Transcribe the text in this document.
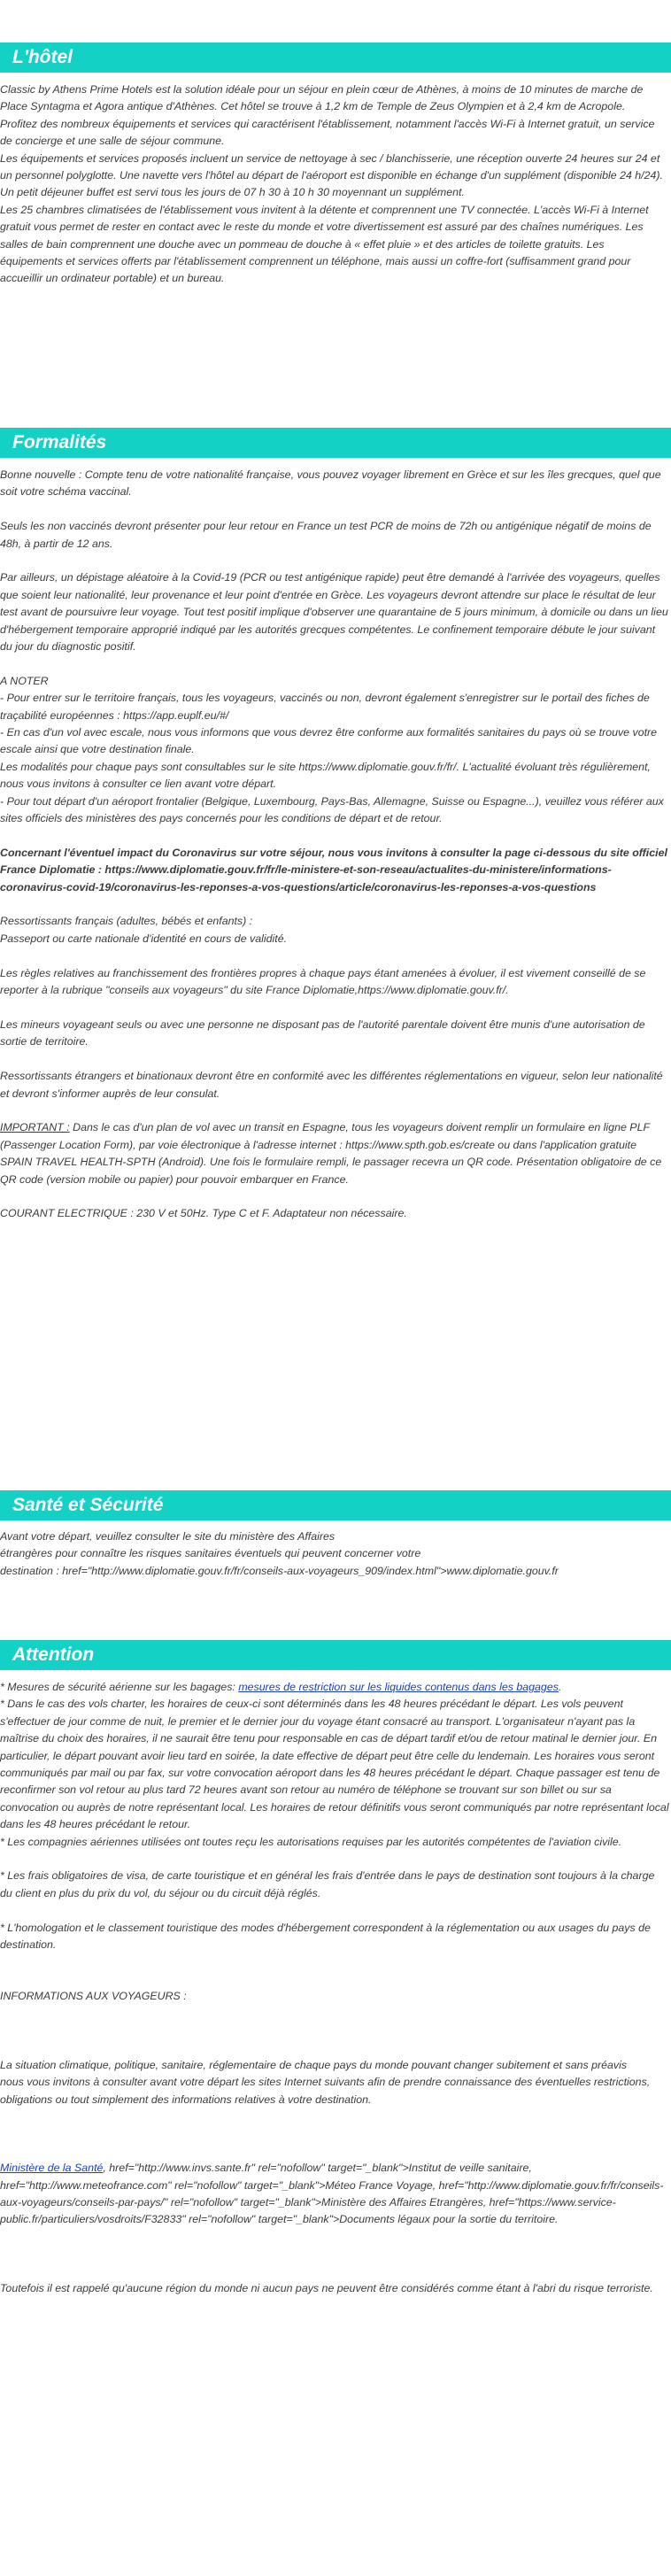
L'hôtel
Classic by Athens Prime Hotels est la solution idéale pour un séjour en plein cœur de Athènes, à moins de 10 minutes de marche de Place Syntagma et Agora antique d'Athènes. Cet hôtel se trouve à 1,2 km de Temple de Zeus Olympien et à 2,4 km de Acropole.
Profitez des nombreux équipements et services qui caractérisent l'établissement, notamment l'accès Wi-Fi à Internet gratuit, un service de concierge et une salle de séjour commune.
Les équipements et services proposés incluent un service de nettoyage à sec / blanchisserie, une réception ouverte 24 heures sur 24 et un personnel polyglotte. Une navette vers l'hôtel au départ de l'aéroport est disponible en échange d'un supplément (disponible 24 h/24).
Un petit déjeuner buffet est servi tous les jours de 07 h 30 à 10 h 30 moyennant un supplément.
Les 25 chambres climatisées de l'établissement vous invitent à la détente et comprennent une TV connectée. L'accès Wi-Fi à Internet gratuit vous permet de rester en contact avec le reste du monde et votre divertissement est assuré par des chaînes numériques. Les salles de bain comprennent une douche avec un pommeau de douche à « effet pluie » et des articles de toilette gratuits. Les équipements et services offerts par l'établissement comprennent un téléphone, mais aussi un coffre-fort (suffisamment grand pour accueillir un ordinateur portable) et un bureau.
Formalités
Bonne nouvelle : Compte tenu de votre nationalité française, vous pouvez voyager librement en Grèce et sur les îles grecques, quel que soit votre schéma vaccinal.
Seuls les non vaccinés devront présenter pour leur retour en France un test PCR de moins de 72h ou antigénique négatif de moins de 48h, à partir de 12 ans.
Par ailleurs, un dépistage aléatoire à la Covid-19 (PCR ou test antigénique rapide) peut être demandé à l'arrivée des voyageurs, quelles que soient leur nationalité, leur provenance et leur point d'entrée en Grèce. Les voyageurs devront attendre sur place le résultat de leur test avant de poursuivre leur voyage. Tout test positif implique d'observer une quarantaine de 5 jours minimum, à domicile ou dans un lieu d'hébergement temporaire approprié indiqué par les autorités grecques compétentes. Le confinement temporaire débute le jour suivant du jour du diagnostic positif.
A NOTER
- Pour entrer sur le territoire français, tous les voyageurs, vaccinés ou non, devront également s'enregistrer sur le portail des fiches de traçabilité européennes : https://app.euplf.eu/#/
- En cas d'un vol avec escale, nous vous informons que vous devrez être conforme aux formalités sanitaires du pays où se trouve votre escale ainsi que votre destination finale.
Les modalités pour chaque pays sont consultables sur le site https://www.diplomatie.gouv.fr/fr/. L'actualité évoluant très régulièrement, nous vous invitons à consulter ce lien avant votre départ.
- Pour tout départ d'un aéroport frontalier (Belgique, Luxembourg, Pays-Bas, Allemagne, Suisse ou Espagne...), veuillez vous référer aux sites officiels des ministères des pays concernés pour les conditions de départ et de retour.
Concernant l'éventuel impact du Coronavirus sur votre séjour, nous vous invitons à consulter la page ci-dessous du site officiel France Diplomatie : https://www.diplomatie.gouv.fr/fr/le-ministere-et-son-reseau/actualites-du-ministere/informations-coronavirus-covid-19/coronavirus-les-reponses-a-vos-questions/article/coronavirus-les-reponses-a-vos-questions
Ressortissants français (adultes, bébés et enfants) :
Passeport ou carte nationale d'identité en cours de validité.
Les règles relatives au franchissement des frontières propres à chaque pays étant amenées à évoluer, il est vivement conseillé de se reporter à la rubrique "conseils aux voyageurs" du site France Diplomatie,https://www.diplomatie.gouv.fr/.
Les mineurs voyageant seuls ou avec une personne ne disposant pas de l'autorité parentale doivent être munis d'une autorisation de sortie de territoire.
Ressortissants étrangers et binationaux devront être en conformité avec les différentes réglementations en vigueur, selon leur nationalité et devront s'informer auprès de leur consulat.
IMPORTANT : Dans le cas d'un plan de vol avec un transit en Espagne, tous les voyageurs doivent remplir un formulaire en ligne PLF (Passenger Location Form), par voie électronique à l'adresse internet : https://www.spth.gob.es/create ou dans l'application gratuite SPAIN TRAVEL HEALTH-SPTH (Android). Une fois le formulaire rempli, le passager recevra un QR code. Présentation obligatoire de ce QR code (version mobile ou papier) pour pouvoir embarquer en France.
COURANT ELECTRIQUE : 230 V et 50Hz. Type C et F. Adaptateur non nécessaire.
Santé et Sécurité
Avant votre départ, veuillez consulter le site du ministère des Affaires
étrangères pour connaître les risques sanitaires éventuels qui peuvent concerner votre
destination : href="http://www.diplomatie.gouv.fr/fr/conseils-aux-voyageurs_909/index.html">www.diplomatie.gouv.fr
Attention
* Mesures de sécurité aérienne sur les bagages: mesures de restriction sur les liquides contenus dans les bagages.
* Dans le cas des vols charter, les horaires de ceux-ci sont déterminés dans les 48 heures précédant le départ. Les vols peuvent s'effectuer de jour comme de nuit, le premier et le dernier jour du voyage étant consacré au transport. L'organisateur n'ayant pas la maîtrise du choix des horaires, il ne saurait être tenu pour responsable en cas de départ tardif et/ou de retour matinal le dernier jour. En particulier, le départ pouvant avoir lieu tard en soirée, la date effective de départ peut être celle du lendemain. Les horaires vous seront communiqués par mail ou par fax, sur votre convocation aéroport dans les 48 heures précédant le départ. Chaque passager est tenu de reconfirmer son vol retour au plus tard 72 heures avant son retour au numéro de téléphone se trouvant sur son billet ou sur sa convocation ou auprès de notre représentant local. Les horaires de retour définitifs vous seront communiqués par notre représentant local dans les 48 heures précédant le retour.
* Les compagnies aériennes utilisées ont toutes reçu les autorisations requises par les autorités compétentes de l'aviation civile.
* Les frais obligatoires de visa, de carte touristique et en général les frais d'entrée dans le pays de destination sont toujours à la charge du client en plus du prix du vol, du séjour ou du circuit déjà réglés.
* L'homologation et le classement touristique des modes d'hébergement correspondent à la réglementation ou aux usages du pays de destination.
INFORMATIONS AUX VOYAGEURS :
La situation climatique, politique, sanitaire, réglementaire de chaque pays du monde pouvant changer subitement et sans préavis
nous vous invitons à consulter avant votre départ les sites Internet suivants afin de prendre connaissance des éventuelles restrictions, obligations ou tout simplement des informations relatives à votre destination.
Ministère de la Santé, href="http://www.invs.sante.fr" rel="nofollow" target="_blank">Institut de veille sanitaire, href="http://www.meteofrance.com" rel="nofollow" target="_blank">Méteo France Voyage, href="http://www.diplomatie.gouv.fr/fr/conseils-aux-voyageurs/conseils-par-pays/" rel="nofollow" target="_blank">Ministère des Affaires Etrangères, href="https://www.service-public.fr/particuliers/vosdroits/F32833" rel="nofollow" target="_blank">Documents légaux pour la sortie du territoire.
Toutefois il est rappelé qu'aucune région du monde ni aucun pays ne peuvent être considérés comme étant à l'abri du risque terroriste.
